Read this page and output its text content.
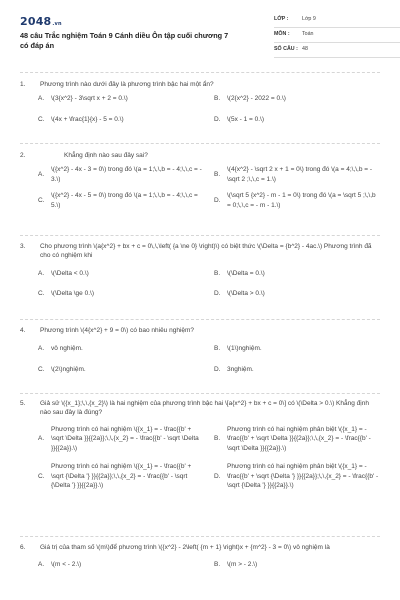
2048.vn
48 câu Trắc nghiệm Toán 9 Cánh diều Ôn tập cuối chương 7 có đáp án
LỚP :	Lớp 9
MÔN :	Toán
SỐ CÂU : 48
1.	Phương trình nào dưới đây là phương trình bậc hai một ẩn?
A.	\(3{x^2} - 3\sqrt x + 2 = 0.\)	B.	\(2{x^2} - 2022 = 0.\)
C.	\(4x + \frac{1}{x} - 5 = 0.\)	D.	\(5x - 1 = 0.\)
2.	Khẳng định nào sau đây sai?
A.
\({x^2} - 4x - 3 = 0\) trong đó \(a = 1;\,\,b = - 4;\,\,c = - 3.\)
B.
\(4{x^2} - \sqrt 2 x + 1 = 0\) trong đó \(a = 4;\,\,b = - \sqrt 2 ;\,\,c = 1.\)
C.
\({x^2} - 4x - 5 = 0\) trong đó \(a = 1;\,\,b = - 4;\,\,c = 5.\)
D.
\(\sqrt 5 {x^2} - m - 1 = 0\) trong đó \(a = \sqrt 5 ;\,\,b = 0;\,\,c = - m - 1.\)
3.	Cho phương trình \(a{x^2} + bx + c = 0\,\,\left( {a \ne 0} \right)\) có biệt thức \(\Delta = {b^2} - 4ac.\) Phương trình đã cho có nghiệm khi
A.	\(\Delta < 0.\)	B.	\(\Delta = 0.\)
C.	\(\Delta \ge 0.\)	D.	\(\Delta > 0.\)
4.	Phương trình \(4{x^2} + 9 = 0\) có bao nhiêu nghiệm?
A.	vô nghiệm.	B.	\(1\)nghiệm.
C.	\(2\)nghiệm.	D.	3nghiệm.
5.	Giả sử \({x_1};\,\,{x_2}\) là hai nghiệm của phương trình bậc hai \[a{x^2} + bx + c = 0\] có \(\Delta > 0.\) Khẳng định nào sau đây là đúng?
A.
Phương trình có hai nghiệm \({x_1} = - \frac{{b' + \sqrt \Delta }}{{2a}};\,\,{x_2} = - \frac{{b' - \sqrt \Delta }}{{2a}}.\)
B.
Phương trình có hai nghiệm phân biệt \({x_1} = - \frac{{b' + \sqrt \Delta }}{{2a}};\,\,{x_2} = - \frac{{b' - \sqrt \Delta }}{{2a}}.\)
C.
Phương trình có hai nghiệm \({x_1} = - \frac{{b' + \sqrt {\Delta '} }}{{2a}};\,\,{x_2} = - \frac{{b' - \sqrt {\Delta '} }}{{2a}}.\)
D.
Phương trình có hai nghiệm phân biệt \({x_1} = - \frac{{b' + \sqrt {\Delta '} }}{{2a}};\,\,{x_2} = - \frac{{b' - \sqrt {\Delta '} }}{{2a}}.\)
6.	Giá trị của tham số \(m\)để phương trình \({x^2} - 2\left( {m + 1} \right)x + {m^2} - 3 = 0\) vô nghiệm là
A.	\(m < - 2.\)	B.	\(m > - 2.\)
